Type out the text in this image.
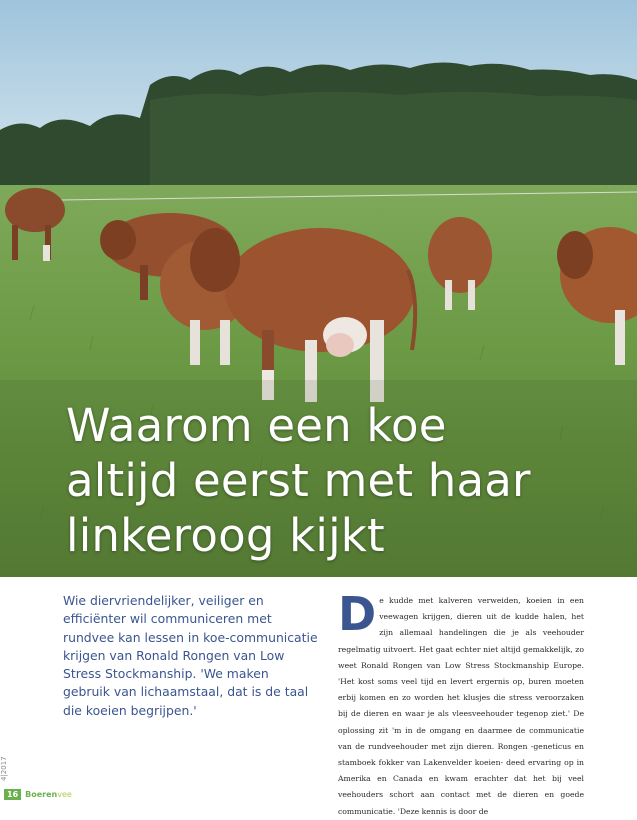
Waarom een koe
altijd eerst met haar
linkeroog kijkt

Wie diervriendelijker, veiliger en efficiënter wil communiceren met rundvee kan lessen in koe-communicatie krijgen van Ronald Rongen van Low Stress Stockmanship. 'We maken gebruik van lichaamstaal, dat is de taal die koeien begrijpen.'

D e kudde met kalveren verweiden, koeien in een veewagen krijgen, dieren uit de kudde halen, het zijn allemaal handelingen die je als veehouder regelmatig uitvoert. Het gaat echter niet altijd gemakkelijk, zo weet Ronald Rongen van Low Stress Stockmanship Europe. 'Het kost soms veel tijd en levert ergernis op, buren moeten erbij komen en zo worden het klusjes die stress veroorzaken bij de dieren en waar je als vleesveehouder tegenop ziet.' De oplossing zit 'm in de omgang en daarmee de communicatie van de rundveehouder met zijn dieren. Rongen -geneticus en stamboek fokker van Lakenvelder koeien- deed ervaring op in Amerika en Canada en kwam erachter dat het bij veel veehouders schort aan contact met de dieren en goede communicatie. 'Deze kennis is door de

4|2017
16 Boerenvee
